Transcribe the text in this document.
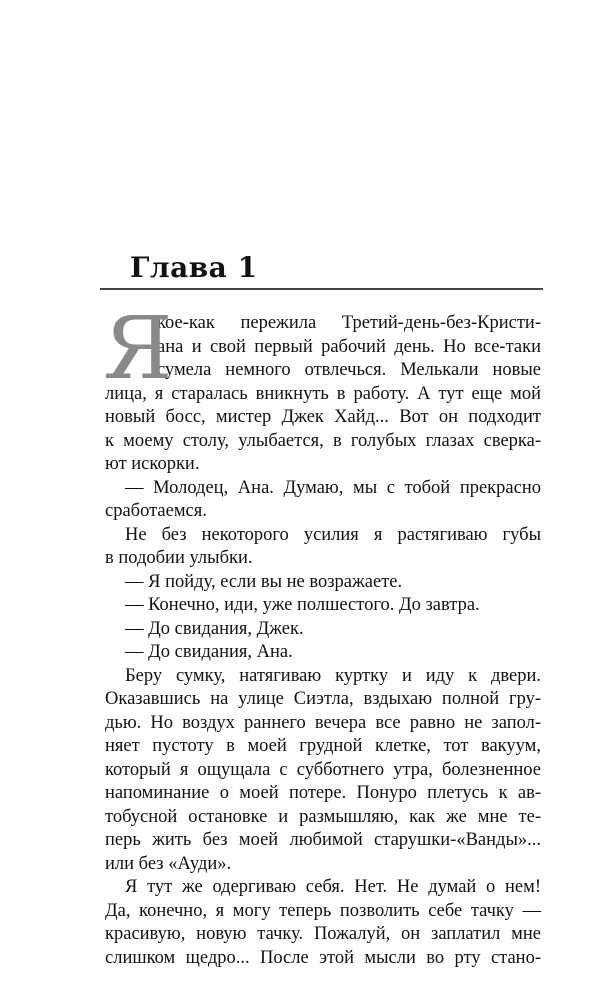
Глава 1
Я
кое-как пережила Третий-день-без-Кристи-
ана и свой первый рабочий день. Но все-таки
сумела немного отвлечься. Мелькали новые
лица, я старалась вникнуть в работу. А тут еще мой
новый босс, мистер Джек Хайд... Вот он подходит
к моему столу, улыбается, в голубых глазах сверка-
ют искорки.
— Молодец, Ана. Думаю, мы с тобой прекрасно
сработаемся.
Не без некоторого усилия я растягиваю губы
в подобии улыбки.
— Я пойду, если вы не возражаете.
— Конечно, иди, уже полшестого. До завтра.
— До свидания, Джек.
— До свидания, Ана.
Беру сумку, натягиваю куртку и иду к двери.
Оказавшись на улице Сиэтла, вздыхаю полной гру-
дью. Но воздух раннего вечера все равно не запол-
няет пустоту в моей грудной клетке, тот вакуум,
который я ощущала с субботнего утра, болезненное
напоминание о моей потере. Понуро плетусь к ав-
тобусной остановке и размышляю, как же мне те-
перь жить без моей любимой старушки-«Ванды»...
или без «Ауди».
Я тут же одергиваю себя. Нет. Не думай о нем!
Да, конечно, я могу теперь позволить себе тачку —
красивую, новую тачку. Пожалуй, он заплатил мне
слишком щедро... После этой мысли во рту стано-
